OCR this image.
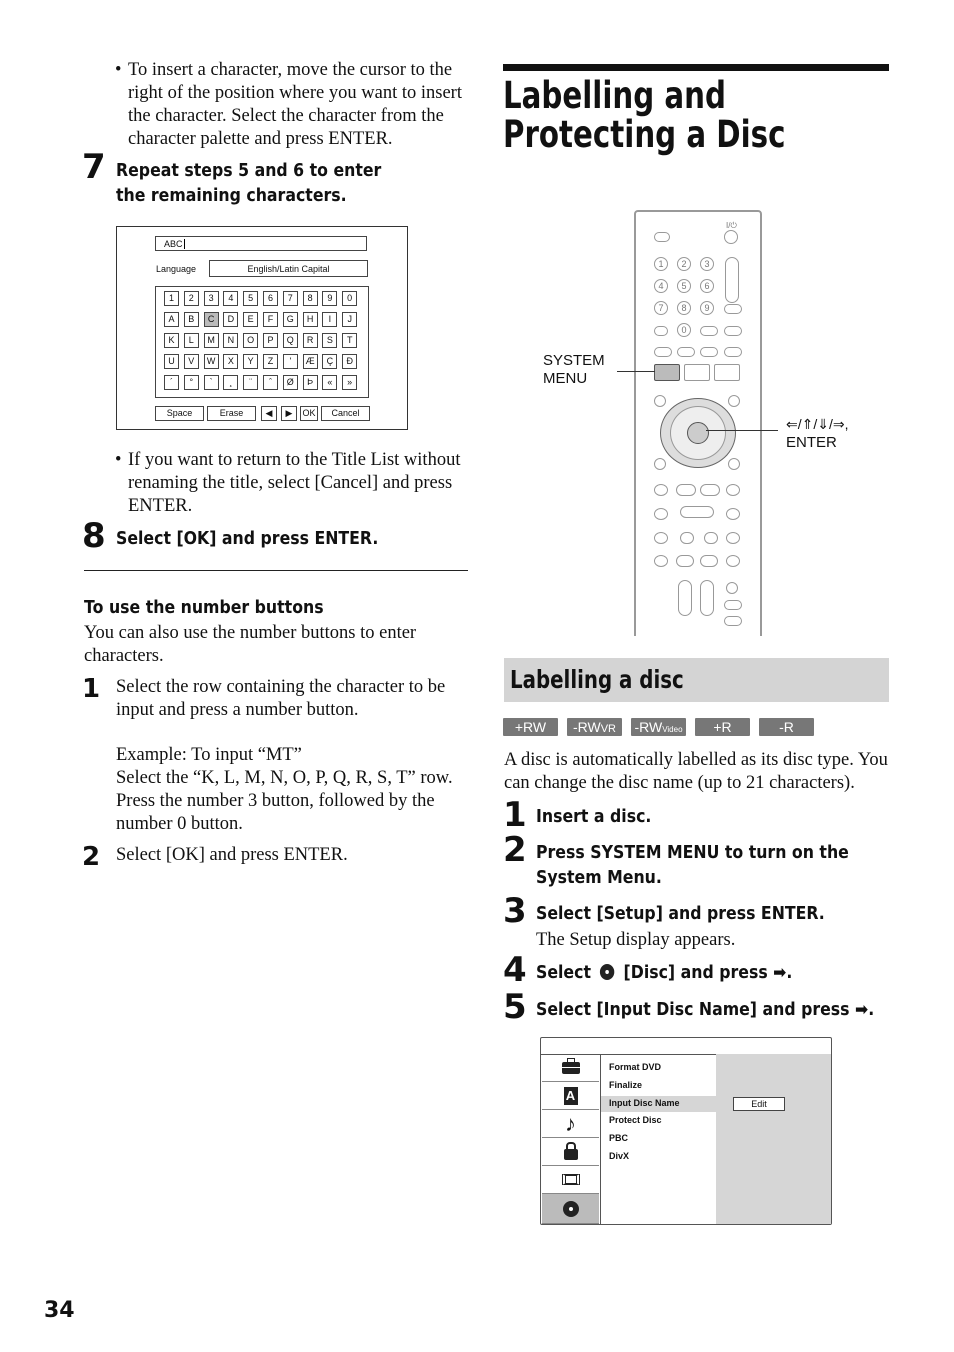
• To insert a character, move the cursor to the right of the position where you want to insert the character. Select the character from the character palette and press ENTER.
7 Repeat steps 5 and 6 to enter the remaining characters.
ABC
Language	English/Latin Capital
1	2	3	4	5	6	7	8	9	0
A	B	C	D	E	F	G	H	I	J
K	L	M	N	O	P	Q	R	S	T
U	V	W	X	Y	Z	'	Æ	Ç	Ð
´	°	`	¸	¨	ˆ	Ø	Þ	«	»
Space	Erase	◀	▶	OK	Cancel
• If you want to return to the Title List without renaming the title, select [Cancel] and press ENTER.
8 Select [OK] and press ENTER.
To use the number buttons
You can also use the number buttons to enter characters.
1 Select the row containing the character to be input and press a number button.
Example: To input “MT”
Select the “K, L, M, N, O, P, Q, R, S, T” row. Press the number 3 button, followed by the number 0 button.
2 Select [OK] and press ENTER.
34
Labelling and Protecting a Disc
I/⏻
1	2	3
4	5	6
7	8	9
0
SYSTEM MENU
⇐/⇑/⇓/⇒,
ENTER
Labelling a disc
+RW	-RWVR	-RWVideo	+R	-R
A disc is automatically labelled as its disc type. You can change the disc name (up to 21 characters).
1 Insert a disc.
2 Press SYSTEM MENU to turn on the System Menu.
3 Select [Setup] and press ENTER.
The Setup display appears.
4 Select [Disc] and press ➡.
5 Select [Input Disc Name] and press ➡.
A
♪
Format DVD
Finalize
Input Disc Name
Protect Disc
PBC
DivX
Edit
